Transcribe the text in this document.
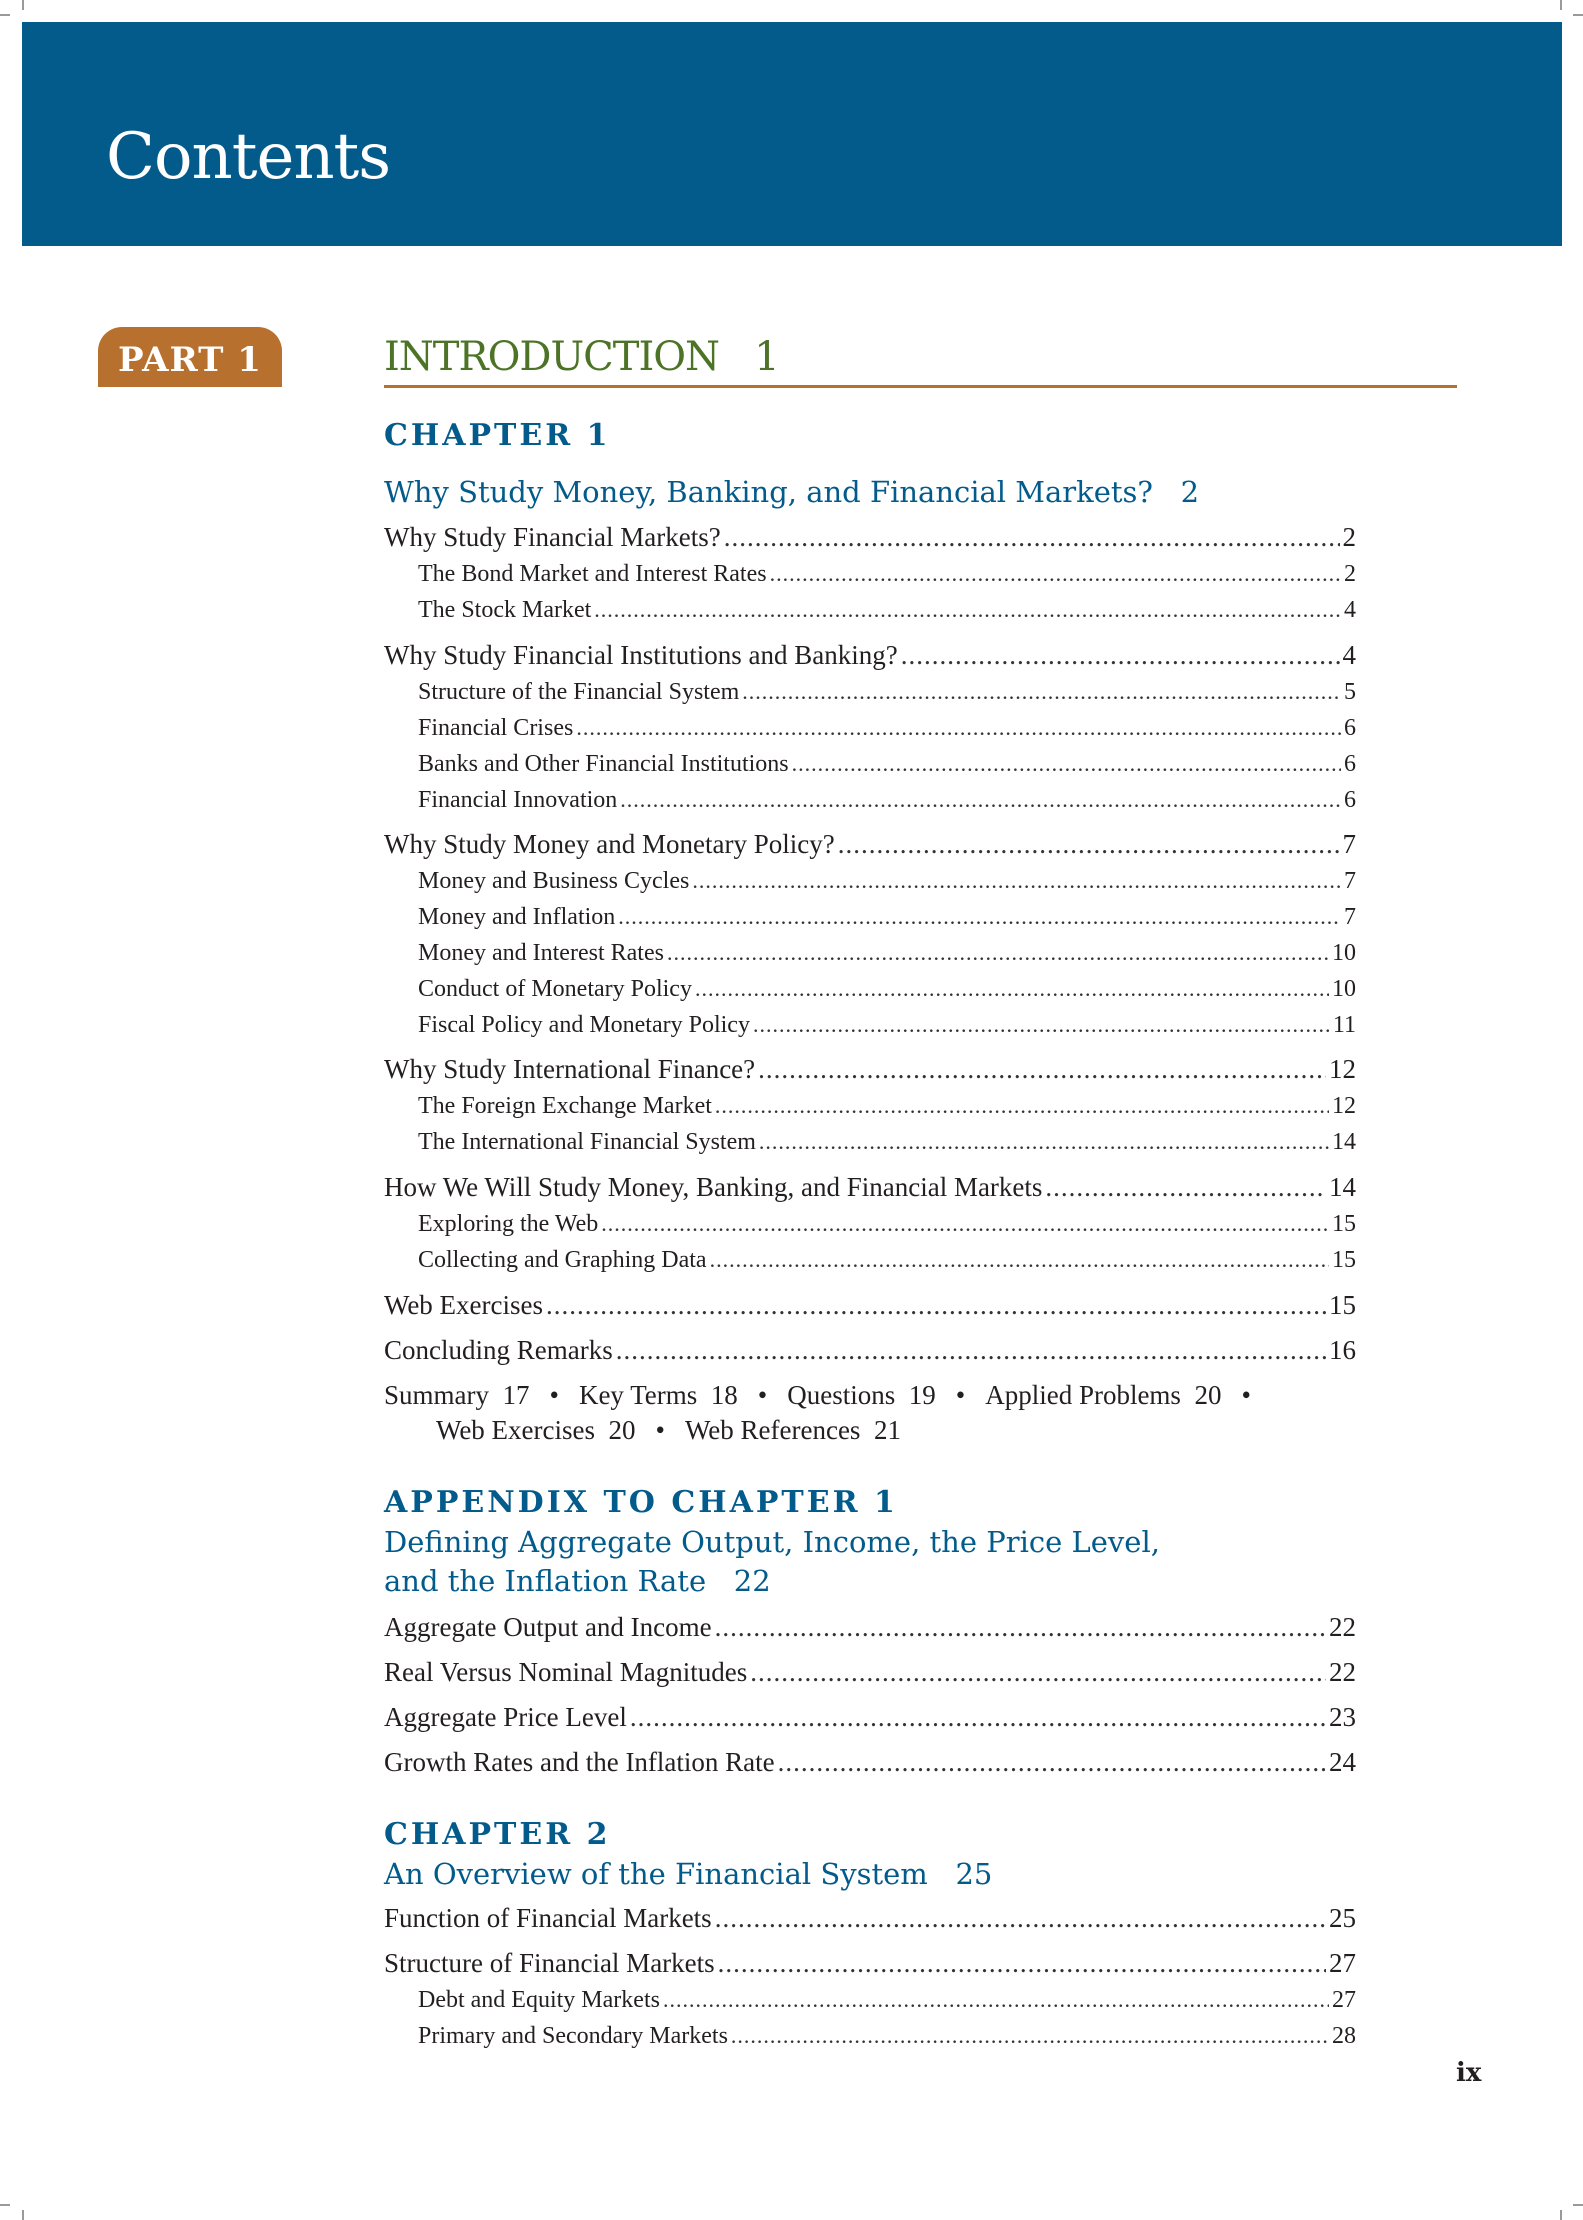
Contents
PART 1	INTRODUCTION 1
CHAPTER 1
Why Study Money, Banking, and Financial Markets? 2
Why Study Financial Markets? .....	2
The Bond Market and Interest Rates .....	2
The Stock Market .....	4
Why Study Financial Institutions and Banking? .....	4
Structure of the Financial System .....	5
Financial Crises .....	6
Banks and Other Financial Institutions .....	6
Financial Innovation .....	6
Why Study Money and Monetary Policy? .....	7
Money and Business Cycles .....	7
Money and Inflation .....	7
Money and Interest Rates .....	10
Conduct of Monetary Policy .....	10
Fiscal Policy and Monetary Policy .....	11
Why Study International Finance? .....	12
The Foreign Exchange Market .....	12
The International Financial System .....	14
How We Will Study Money, Banking, and Financial Markets .....	14
Exploring the Web .....	15
Collecting and Graphing Data .....	15
Web Exercises .....	15
Concluding Remarks .....	16
Summary 17 • Key Terms 18 • Questions 19 • Applied Problems 20 •
Web Exercises 20 • Web References 21
APPENDIX TO CHAPTER 1
Defining Aggregate Output, Income, the Price Level,
and the Inflation Rate 22
Aggregate Output and Income .....	22
Real Versus Nominal Magnitudes .....	22
Aggregate Price Level .....	23
Growth Rates and the Inflation Rate .....	24
CHAPTER 2
An Overview of the Financial System 25
Function of Financial Markets .....	25
Structure of Financial Markets .....	27
Debt and Equity Markets .....	27
Primary and Secondary Markets .....	28
ix
